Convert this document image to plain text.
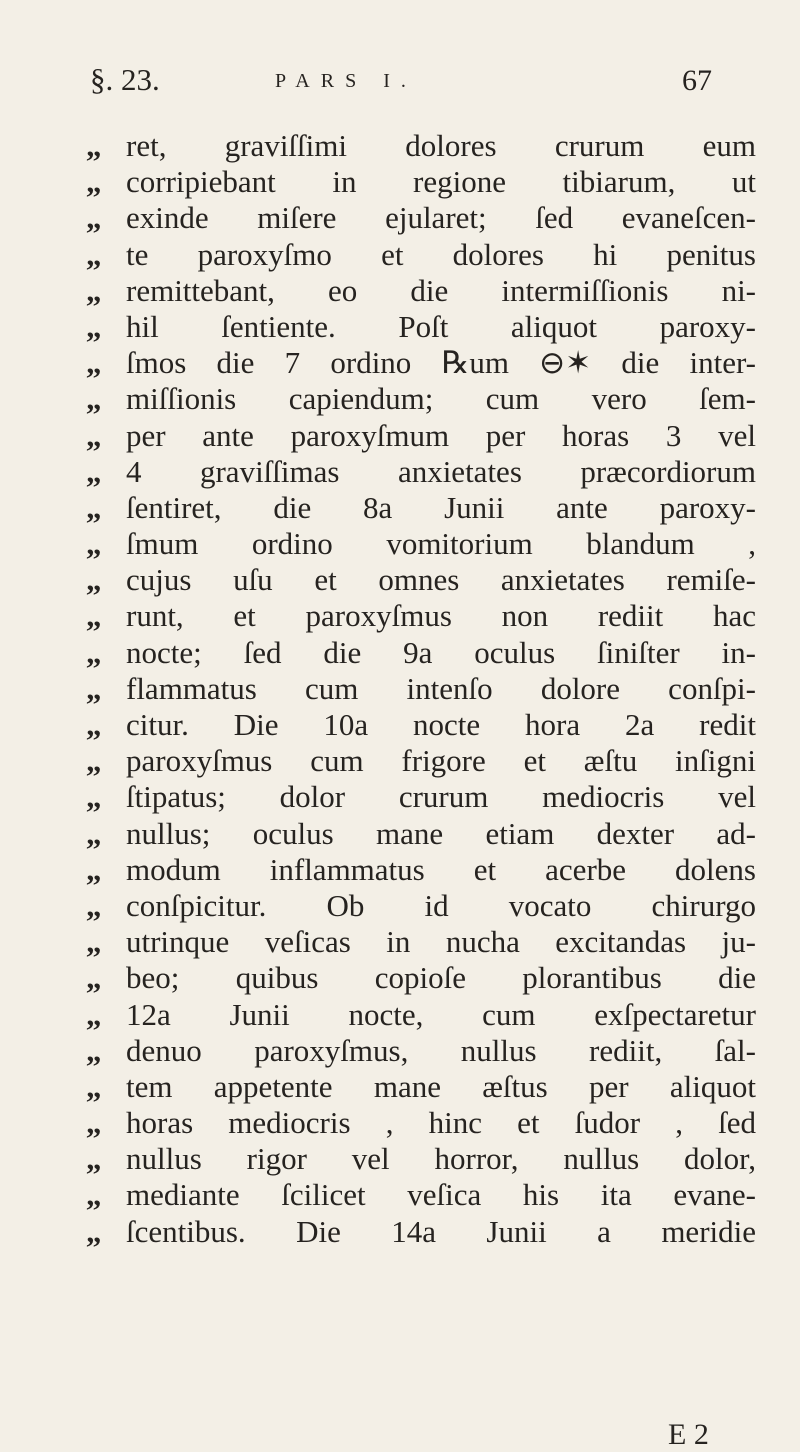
§. 23.	PARS I.	67
„ ret, graviſſimi dolores crurum eum
„ corripiebant in regione tibiarum, ut
„ exinde miſere ejularet; ſed evaneſcen-
„ te paroxyſmo et dolores hi penitus
„ remittebant, eo die intermiſſionis ni-
„ hil ſentiente. Poſt aliquot paroxy-
„ ſmos die 7 ordino ℞um ⊖✶ die inter-
„ miſſionis capiendum; cum vero ſem-
„ per ante paroxyſmum per horas 3 vel
„ 4 graviſſimas anxietates præcordiorum
„ ſentiret, die 8a Junii ante paroxy-
„ ſmum ordino vomitorium blandum ,
„ cujus uſu et omnes anxietates remiſe-
„ runt, et paroxyſmus non rediit hac
„ nocte; ſed die 9a oculus ſiniſter in-
„ flammatus cum intenſo dolore conſpi-
„ citur. Die 10a nocte hora 2a redit
„ paroxyſmus cum frigore et æſtu inſigni
„ ſtipatus; dolor crurum mediocris vel
„ nullus; oculus mane etiam dexter ad-
„ modum inflammatus et acerbe dolens
„ conſpicitur. Ob id vocato chirurgo
„ utrinque veſicas in nucha excitandas ju-
„ beo; quibus copioſe plorantibus die
„ 12a Junii nocte, cum exſpectaretur
„ denuo paroxyſmus, nullus rediit, ſal-
„ tem appetente mane æſtus per aliquot
„ horas mediocris , hinc et ſudor , ſed
„ nullus rigor vel horror, nullus dolor,
„ mediante ſcilicet veſica his ita evane-
„ ſcentibus. Die 14a Junii a meridie
E 2
